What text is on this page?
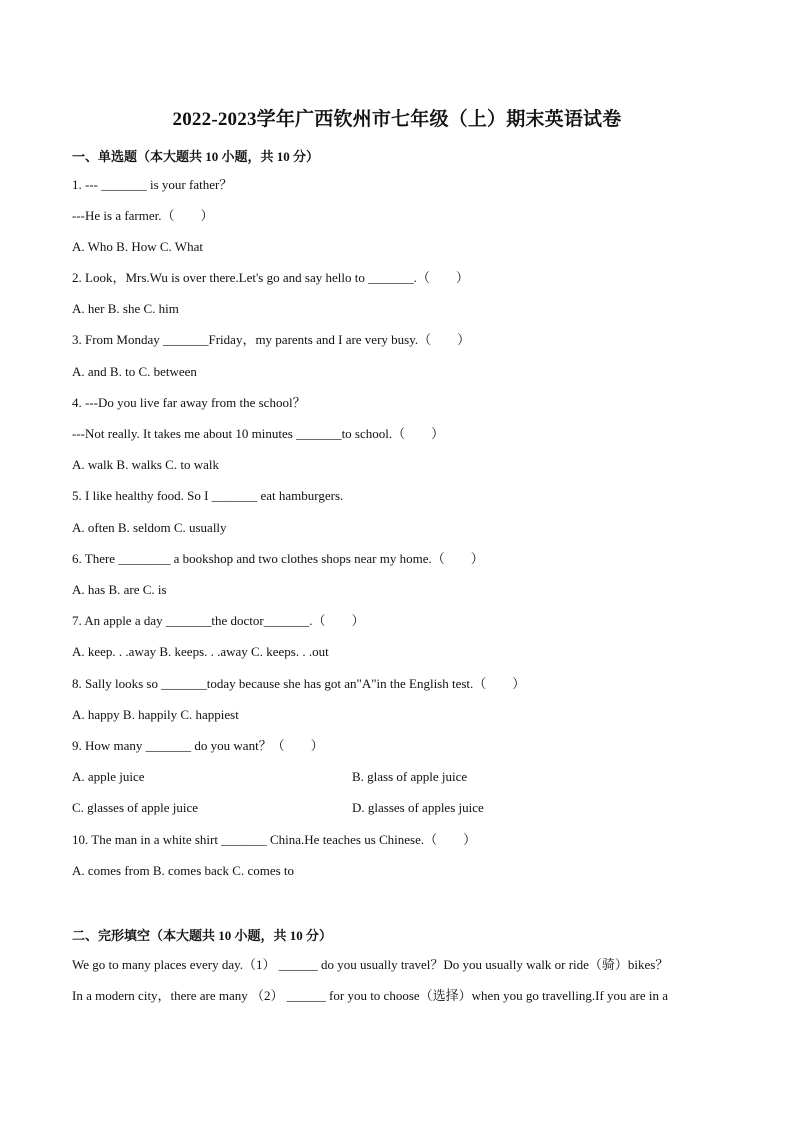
2022-2023学年广西钦州市七年级（上）期末英语试卷
一、单选题（本大题共 10 小题，共 10 分）
1. --- _______ is your father？
---He is a farmer.（　　）
A. Who B. How C. What
2. Look，Mrs.Wu is over there.Let's go and say hello to _______.（　　）
A. her B. she C. him
3. From Monday _______Friday，my parents and I are very busy.（　　）
A. and B. to C. between
4. ---Do you live far away from the school？
---Not really. It takes me about 10 minutes _______to school.（　　）
A. walk B. walks C. to walk
5. I like healthy food. So I _______ eat hamburgers.
A. often B. seldom C. usually
6. There ________ a bookshop and two clothes shops near my home.（　　）
A. has B. are C. is
7. An apple a day _______the doctor_______.（　　）
A. keep. . .away B. keeps. . .away C. keeps. . .out
8. Sally looks so _______today because she has got an"A"in the English test.（　　）
A. happy B. happily C. happiest
9. How many _______ do you want？（　　）
A. apple juice	B. glass of apple juice
C. glasses of apple juice	D. glasses of apples juice
10. The man in a white shirt _______ China.He teaches us Chinese.（　　）
A. comes from B. comes back C. comes to
二、完形填空（本大题共 10 小题，共 10 分）
We go to many places every day.（1） ______ do you usually travel？Do you usually walk or ride（骑）bikes？
In a modern city，there are many （2） ______ for you to choose（选择）when you go travelling.If you are in a
